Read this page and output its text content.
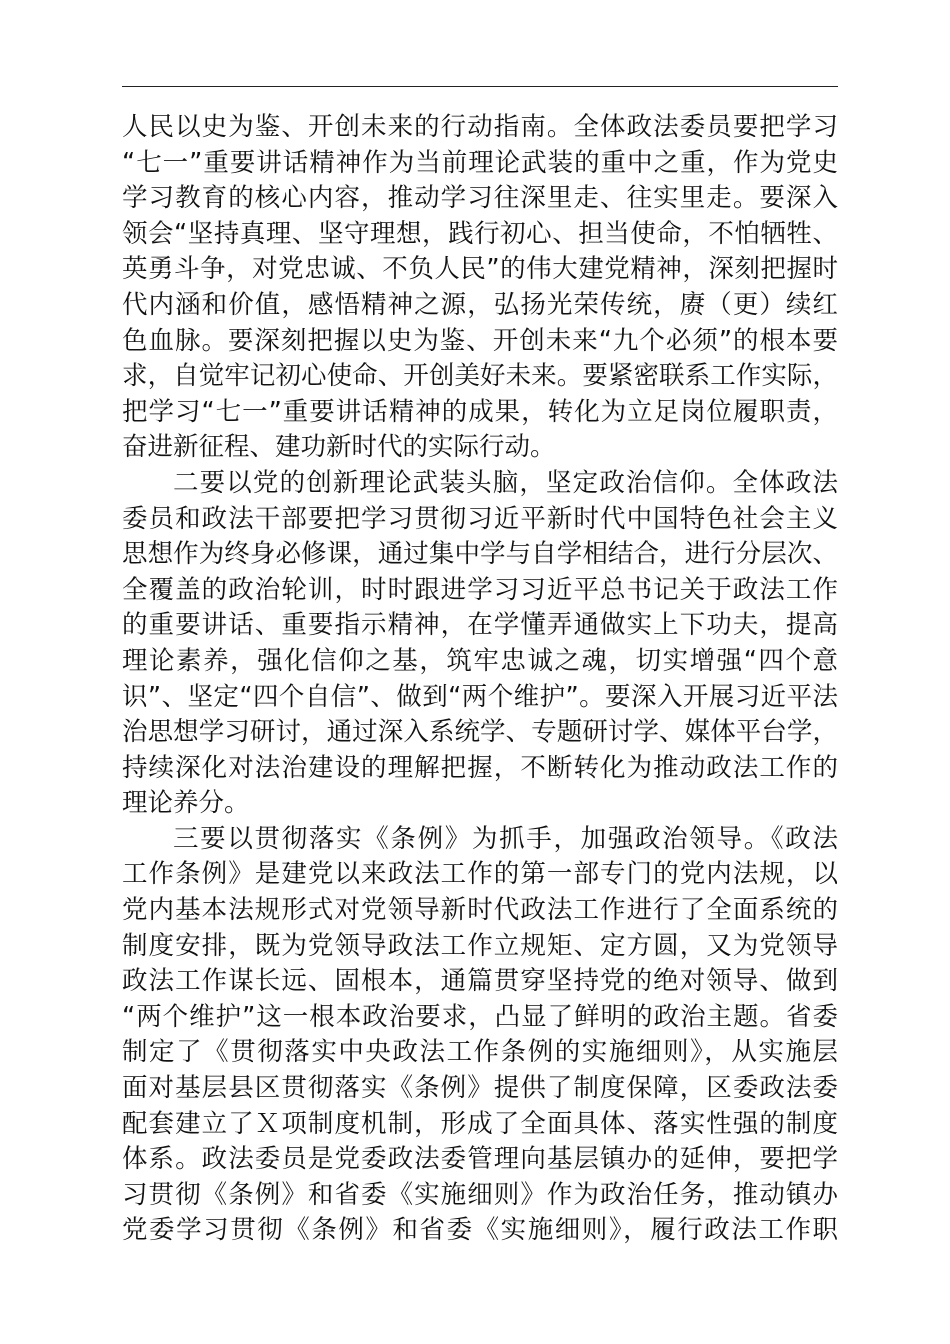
人民以史为鉴、开创未来的行动指南。全体政法委员要把学习
“七一”重要讲话精神作为当前理论武装的重中之重，作为党史
学习教育的核心内容，推动学习往深里走、往实里走。要深入
领会“坚持真理、坚守理想，践行初心、担当使命，不怕牺牲、
英勇斗争，对党忠诚、不负人民”的伟大建党精神，深刻把握时
代内涵和价值，感悟精神之源，弘扬光荣传统，赓（更）续红
色血脉。要深刻把握以史为鉴、开创未来“九个必须”的根本要
求，自觉牢记初心使命、开创美好未来。要紧密联系工作实际，
把学习“七一”重要讲话精神的成果，转化为立足岗位履职责，
奋进新征程、建功新时代的实际行动。
二要以党的创新理论武装头脑，坚定政治信仰。全体政法
委员和政法干部要把学习贯彻习近平新时代中国特色社会主义
思想作为终身必修课，通过集中学与自学相结合，进行分层次、
全覆盖的政治轮训，时时跟进学习习近平总书记关于政法工作
的重要讲话、重要指示精神，在学懂弄通做实上下功夫，提高
理论素养，强化信仰之基，筑牢忠诚之魂，切实增强“四个意
识”、坚定“四个自信”、做到“两个维护”。要深入开展习近平法
治思想学习研讨，通过深入系统学、专题研讨学、媒体平台学，
持续深化对法治建设的理解把握，不断转化为推动政法工作的
理论养分。
三要以贯彻落实《条例》为抓手，加强政治领导。《政法
工作条例》是建党以来政法工作的第一部专门的党内法规，以
党内基本法规形式对党领导新时代政法工作进行了全面系统的
制度安排，既为党领导政法工作立规矩、定方圆，又为党领导
政法工作谋长远、固根本，通篇贯穿坚持党的绝对领导、做到
“两个维护”这一根本政治要求，凸显了鲜明的政治主题。省委
制定了《贯彻落实中央政法工作条例的实施细则》，从实施层
面对基层县区贯彻落实《条例》提供了制度保障，区委政法委
配套建立了Ｘ项制度机制，形成了全面具体、落实性强的制度
体系。政法委员是党委政法委管理向基层镇办的延伸，要把学
习贯彻《条例》和省委《实施细则》作为政治任务，推动镇办
党委学习贯彻《条例》和省委《实施细则》，履行政法工作职
